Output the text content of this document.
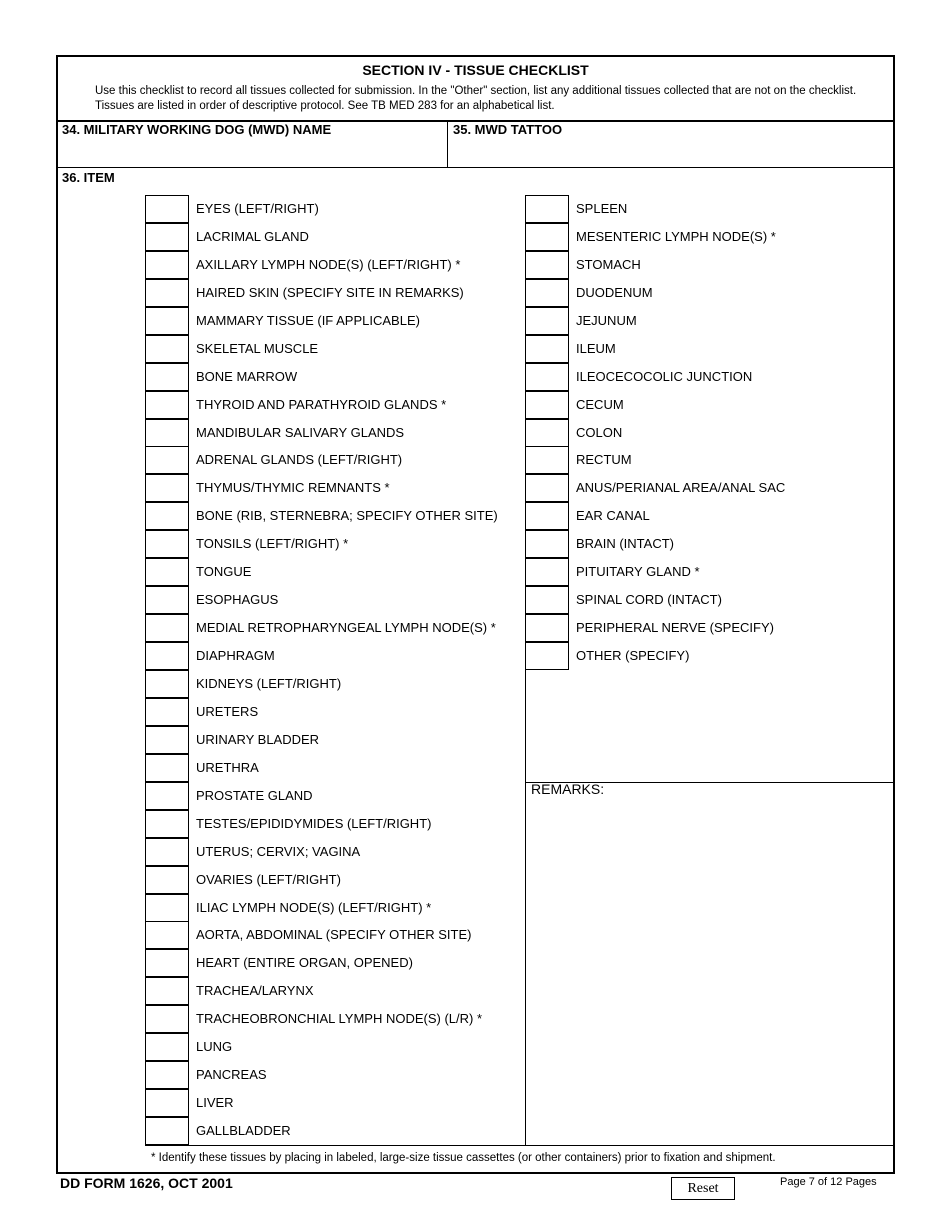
SECTION IV - TISSUE CHECKLIST
Use this checklist to record all tissues collected for submission. In the "Other" section, list any additional tissues collected that are not on the checklist. Tissues are listed in order of descriptive protocol. See TB MED 283 for an alphabetical list.
34. MILITARY WORKING DOG (MWD) NAME	35. MWD TATTOO
36. ITEM
EYES (LEFT/RIGHT)
LACRIMAL GLAND
AXILLARY LYMPH NODE(S) (LEFT/RIGHT) *
HAIRED SKIN (SPECIFY SITE IN REMARKS)
MAMMARY TISSUE (IF APPLICABLE)
SKELETAL MUSCLE
BONE MARROW
THYROID AND PARATHYROID GLANDS *
MANDIBULAR SALIVARY GLANDS
ADRENAL GLANDS (LEFT/RIGHT)
THYMUS/THYMIC REMNANTS *
BONE (RIB, STERNEBRA; SPECIFY OTHER SITE)
TONSILS (LEFT/RIGHT) *
TONGUE
ESOPHAGUS
MEDIAL RETROPHARYNGEAL LYMPH NODE(S) *
DIAPHRAGM
KIDNEYS (LEFT/RIGHT)
URETERS
URINARY BLADDER
URETHRA
PROSTATE GLAND
TESTES/EPIDIDYMIDES (LEFT/RIGHT)
UTERUS; CERVIX; VAGINA
OVARIES (LEFT/RIGHT)
ILIAC LYMPH NODE(S) (LEFT/RIGHT) *
AORTA, ABDOMINAL (SPECIFY OTHER SITE)
HEART (ENTIRE ORGAN, OPENED)
TRACHEA/LARYNX
TRACHEOBRONCHIAL LYMPH NODE(S) (L/R) *
LUNG
PANCREAS
LIVER
GALLBLADDER
SPLEEN
MESENTERIC LYMPH NODE(S) *
STOMACH
DUODENUM
JEJUNUM
ILEUM
ILEOCECOCOLIC JUNCTION
CECUM
COLON
RECTUM
ANUS/PERIANAL AREA/ANAL SAC
EAR CANAL
BRAIN (INTACT)
PITUITARY GLAND *
SPINAL CORD (INTACT)
PERIPHERAL NERVE (SPECIFY)
OTHER (SPECIFY)
REMARKS:
* Identify these tissues by placing in labeled, large-size tissue cassettes (or other containers) prior to fixation and shipment.
DD FORM 1626, OCT 2001	Reset	Page 7 of 12 Pages
